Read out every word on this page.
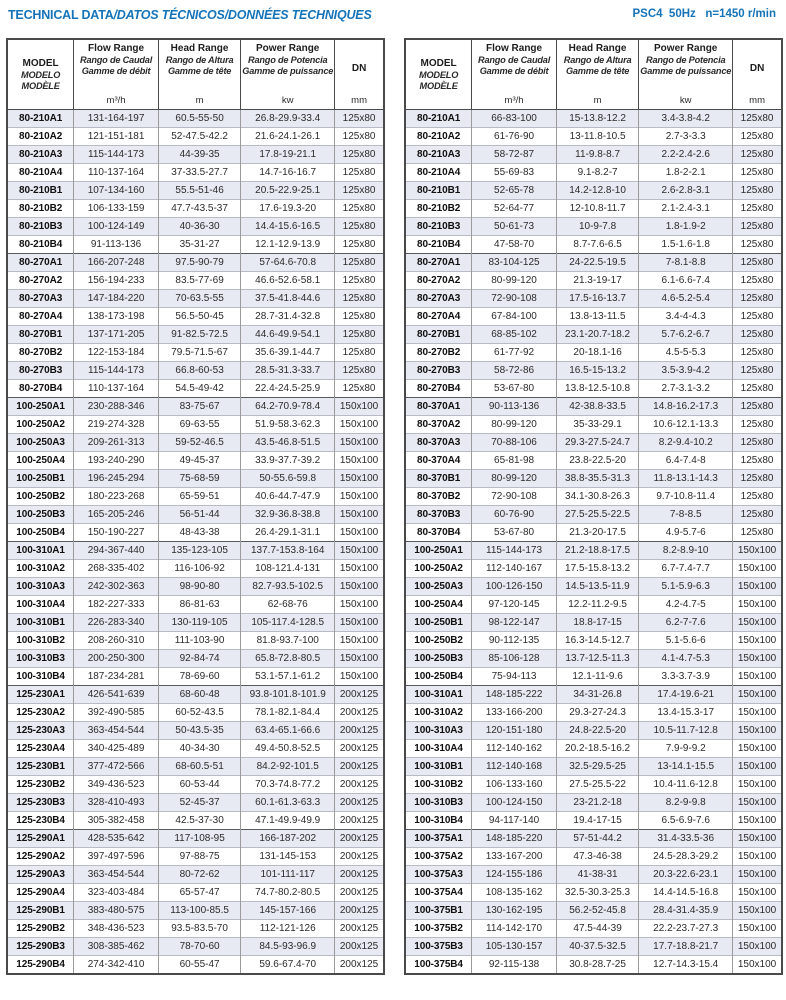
TECHNICAL DATA/DATOS TÉCNICOS/DONNÉES TECHNIQUES	PSC4  50Hz   n=1450 r/min
MODEL
MODELO
MODÈLE

Flow Range
Rango de Caudal
Gamme de débit
m³/h

Head Range
Rango de Altura
Gamme de tête
m

Power Range
Rango de Potencia
Gamme de puissance
kw

DN
mm

80-210A1	131-164-197	60.5-55-50	26.8-29.9-33.4	125x80
80-210A2	121-151-181	52-47.5-42.2	21.6-24.1-26.1	125x80
80-210A3	115-144-173	44-39-35	17.8-19-21.1	125x80
80-210A4	110-137-164	37-33.5-27.7	14.7-16-16.7	125x80
80-210B1	107-134-160	55.5-51-46	20.5-22.9-25.1	125x80
80-210B2	106-133-159	47.7-43.5-37	17.6-19.3-20	125x80
80-210B3	100-124-149	40-36-30	14.4-15.6-16.5	125x80
80-210B4	91-113-136	35-31-27	12.1-12.9-13.9	125x80
80-270A1	166-207-248	97.5-90-79	57-64.6-70.8	125x80
80-270A2	156-194-233	83.5-77-69	46.6-52.6-58.1	125x80
80-270A3	147-184-220	70-63.5-55	37.5-41.8-44.6	125x80
80-270A4	138-173-198	56.5-50-45	28.7-31.4-32.8	125x80
80-270B1	137-171-205	91-82.5-72.5	44.6-49.9-54.1	125x80
80-270B2	122-153-184	79.5-71.5-67	35.6-39.1-44.7	125x80
80-270B3	115-144-173	66.8-60-53	28.5-31.3-33.7	125x80
80-270B4	110-137-164	54.5-49-42	22.4-24.5-25.9	125x80
100-250A1	230-288-346	83-75-67	64.2-70.9-78.4	150x100
100-250A2	219-274-328	69-63-55	51.9-58.3-62.3	150x100
100-250A3	209-261-313	59-52-46.5	43.5-46.8-51.5	150x100
100-250A4	193-240-290	49-45-37	33.9-37.7-39.2	150x100
100-250B1	196-245-294	75-68-59	50-55.6-59.8	150x100
100-250B2	180-223-268	65-59-51	40.6-44.7-47.9	150x100
100-250B3	165-205-246	56-51-44	32.9-36.8-38.8	150x100
100-250B4	150-190-227	48-43-38	26.4-29.1-31.1	150x100
100-310A1	294-367-440	135-123-105	137.7-153.8-164	150x100
100-310A2	268-335-402	116-106-92	108-121.4-131	150x100
100-310A3	242-302-363	98-90-80	82.7-93.5-102.5	150x100
100-310A4	182-227-333	86-81-63	62-68-76	150x100
100-310B1	226-283-340	130-119-105	105-117.4-128.5	150x100
100-310B2	208-260-310	111-103-90	81.8-93.7-100	150x100
100-310B3	200-250-300	92-84-74	65.8-72.8-80.5	150x100
100-310B4	187-234-281	78-69-60	53.1-57.1-61.2	150x100
125-230A1	426-541-639	68-60-48	93.8-101.8-101.9	200x125
125-230A2	392-490-585	60-52-43.5	78.1-82.1-84.4	200x125
125-230A3	363-454-544	50-43.5-35	63.4-65.1-66.6	200x125
125-230A4	340-425-489	40-34-30	49.4-50.8-52.5	200x125
125-230B1	377-472-566	68-60.5-51	84.2-92-101.5	200x125
125-230B2	349-436-523	60-53-44	70.3-74.8-77.2	200x125
125-230B3	328-410-493	52-45-37	60.1-61.3-63.3	200x125
125-230B4	305-382-458	42.5-37-30	47.1-49.9-49.9	200x125
125-290A1	428-535-642	117-108-95	166-187-202	200x125
125-290A2	397-497-596	97-88-75	131-145-153	200x125
125-290A3	363-454-544	80-72-62	101-111-117	200x125
125-290A4	323-403-484	65-57-47	74.7-80.2-80.5	200x125
125-290B1	383-480-575	113-100-85.5	145-157-166	200x125
125-290B2	348-436-523	93.5-83.5-70	112-121-126	200x125
125-290B3	308-385-462	78-70-60	84.5-93-96.9	200x125
125-290B4	274-342-410	60-55-47	59.6-67.4-70	200x125
MODEL
MODELO
MODÈLE

Flow Range
Rango de Caudal
Gamme de débit
m³/h

Head Range
Rango de Altura
Gamme de tête
m

Power Range
Rango de Potencia
Gamme de puissance
kw

DN
mm

80-210A1	66-83-100	15-13.8-12.2	3.4-3.8-4.2	125x80
80-210A2	61-76-90	13-11.8-10.5	2.7-3-3.3	125x80
80-210A3	58-72-87	11-9.8-8.7	2.2-2.4-2.6	125x80
80-210A4	55-69-83	9.1-8.2-7	1.8-2-2.1	125x80
80-210B1	52-65-78	14.2-12.8-10	2.6-2.8-3.1	125x80
80-210B2	52-64-77	12-10.8-11.7	2.1-2.4-3.1	125x80
80-210B3	50-61-73	10-9-7.8	1.8-1.9-2	125x80
80-210B4	47-58-70	8.7-7.6-6.5	1.5-1.6-1.8	125x80
80-270A1	83-104-125	24-22.5-19.5	7-8.1-8.8	125x80
80-270A2	80-99-120	21.3-19-17	6.1-6.6-7.4	125x80
80-270A3	72-90-108	17.5-16-13.7	4.6-5.2-5.4	125x80
80-270A4	67-84-100	13.8-13-11.5	3.4-4-4.3	125x80
80-270B1	68-85-102	23.1-20.7-18.2	5.7-6.2-6.7	125x80
80-270B2	61-77-92	20-18.1-16	4.5-5-5.3	125x80
80-270B3	58-72-86	16.5-15-13.2	3.5-3.9-4.2	125x80
80-270B4	53-67-80	13.8-12.5-10.8	2.7-3.1-3.2	125x80
80-370A1	90-113-136	42-38.8-33.5	14.8-16.2-17.3	125x80
80-370A2	80-99-120	35-33-29.1	10.6-12.1-13.3	125x80
80-370A3	70-88-106	29.3-27.5-24.7	8.2-9.4-10.2	125x80
80-370A4	65-81-98	23.8-22.5-20	6.4-7.4-8	125x80
80-370B1	80-99-120	38.8-35.5-31.3	11.8-13.1-14.3	125x80
80-370B2	72-90-108	34.1-30.8-26.3	9.7-10.8-11.4	125x80
80-370B3	60-76-90	27.5-25.5-22.5	7-8-8.5	125x80
80-370B4	53-67-80	21.3-20-17.5	4.9-5.7-6	125x80
100-250A1	115-144-173	21.2-18.8-17.5	8.2-8.9-10	150x100
100-250A2	112-140-167	17.5-15.8-13.2	6.7-7.4-7.7	150x100
100-250A3	100-126-150	14.5-13.5-11.9	5.1-5.9-6.3	150x100
100-250A4	97-120-145	12.2-11.2-9.5	4.2-4.7-5	150x100
100-250B1	98-122-147	18.8-17-15	6.2-7-7.6	150x100
100-250B2	90-112-135	16.3-14.5-12.7	5.1-5.6-6	150x100
100-250B3	85-106-128	13.7-12.5-11.3	4.1-4.7-5.3	150x100
100-250B4	75-94-113	12.1-11-9.6	3.3-3.7-3.9	150x100
100-310A1	148-185-222	34-31-26.8	17.4-19.6-21	150x100
100-310A2	133-166-200	29.3-27-24.3	13.4-15.3-17	150x100
100-310A3	120-151-180	24.8-22.5-20	10.5-11.7-12.8	150x100
100-310A4	112-140-162	20.2-18.5-16.2	7.9-9-9.2	150x100
100-310B1	112-140-168	32.5-29.5-25	13-14.1-15.5	150x100
100-310B2	106-133-160	27.5-25.5-22	10.4-11.6-12.8	150x100
100-310B3	100-124-150	23-21.2-18	8.2-9-9.8	150x100
100-310B4	94-117-140	19.4-17-15	6.5-6.9-7.6	150x100
100-375A1	148-185-220	57-51-44.2	31.4-33.5-36	150x100
100-375A2	133-167-200	47.3-46-38	24.5-28.3-29.2	150x100
100-375A3	124-155-186	41-38-31	20.3-22.6-23.1	150x100
100-375A4	108-135-162	32.5-30.3-25.3	14.4-14.5-16.8	150x100
100-375B1	130-162-195	56.2-52-45.8	28.4-31.4-35.9	150x100
100-375B2	114-142-170	47.5-44-39	22.2-23.7-27.3	150x100
100-375B3	105-130-157	40-37.5-32.5	17.7-18.8-21.7	150x100
100-375B4	92-115-138	30.8-28.7-25	12.7-14.3-15.4	150x100
